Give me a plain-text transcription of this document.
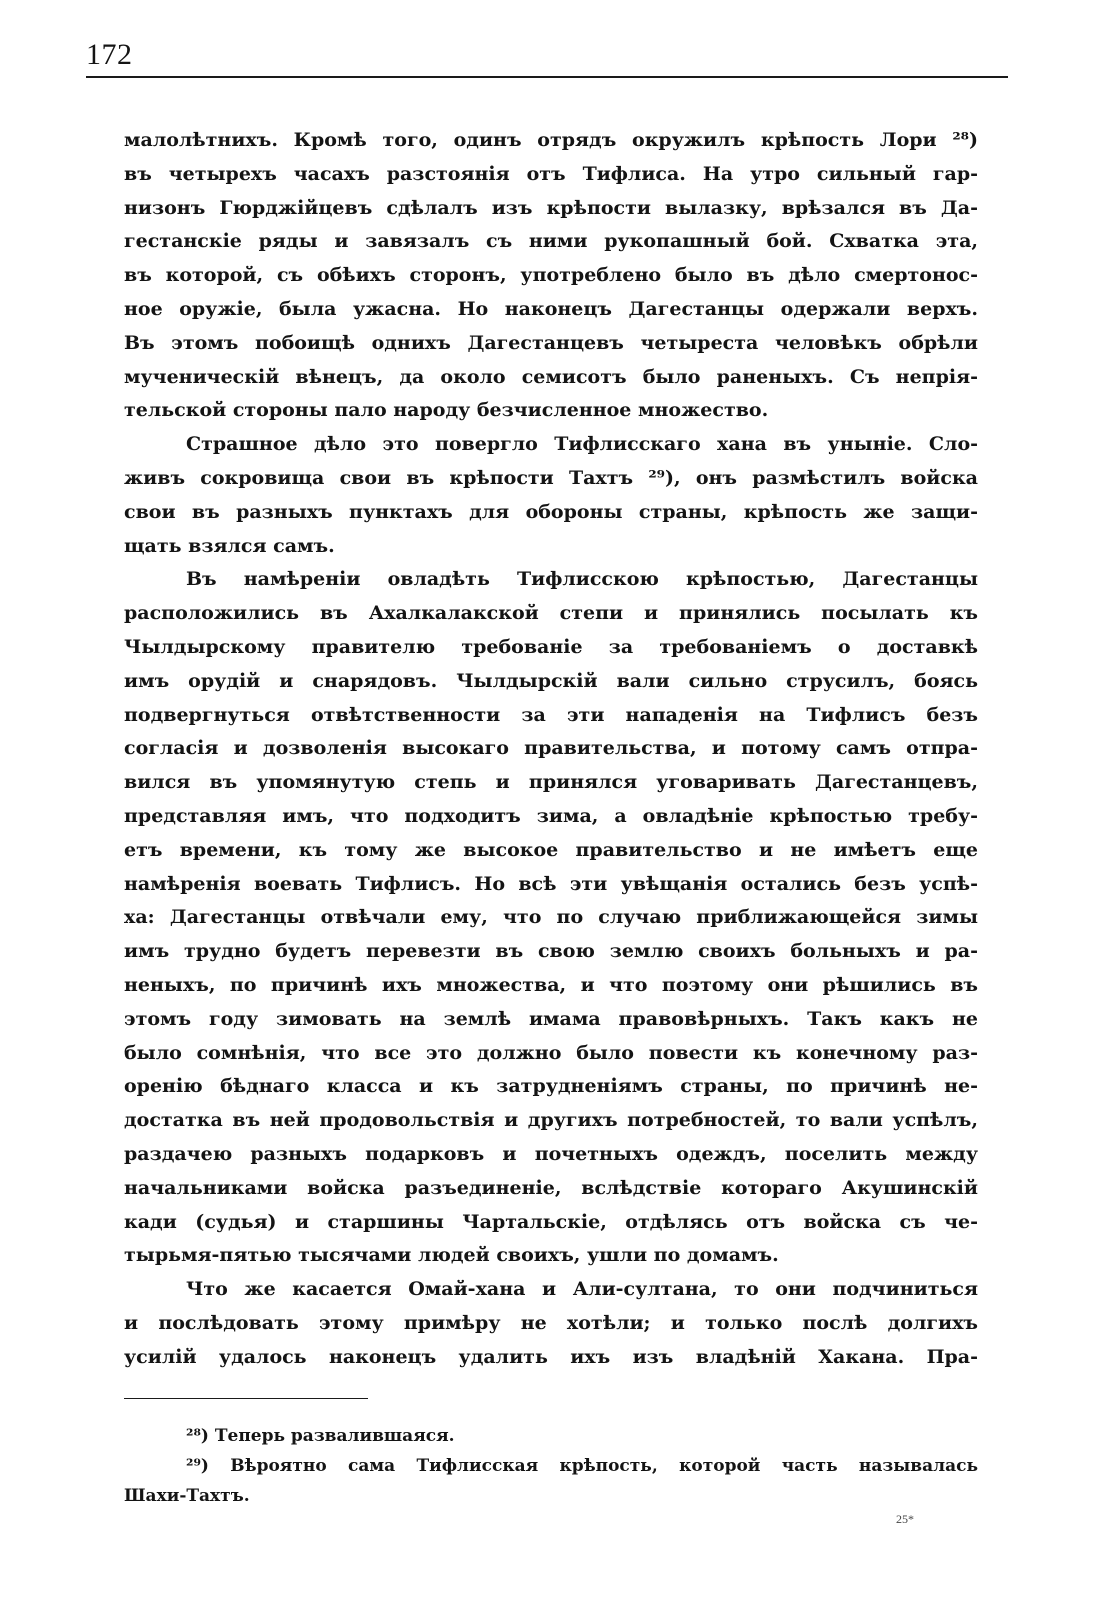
172
малолѣтнихъ. Кромѣ того, одинъ отрядъ окружилъ крѣпость Лори ²⁸)
въ четырехъ часахъ разстоянія отъ Тифлиса. На утро сильный гар-
низонъ Гюрджійцевъ сдѣлалъ изъ крѣпости вылазку, врѣзался въ Да-
гестанскіе ряды и завязалъ съ ними рукопашный бой. Схватка эта,
въ которой, съ обѣихъ сторонъ, употреблено было въ дѣло смертонос-
ное оружіе, была ужасна. Но наконецъ Дагестанцы одержали верхъ.
Въ этомъ побоищѣ однихъ Дагестанцевъ четыреста человѣкъ обрѣли
мученическій вѣнецъ, да около семисотъ было раненыхъ. Съ непрія-
тельской стороны пало народу безчисленное множество.
Страшное дѣло это повергло Тифлисскаго хана въ уныніе. Сло-
живъ сокровища свои въ крѣпости Тахтъ ²⁹), онъ размѣстилъ войска
свои въ разныхъ пунктахъ для обороны страны, крѣпость же защи-
щать взялся самъ.
Въ намѣреніи овладѣть Тифлисскою крѣпостью, Дагестанцы
расположились въ Ахалкалакской степи и принялись посылать къ
Чылдырскому правителю требованіе за требованіемъ о доставкѣ
имъ орудій и снарядовъ. Чылдырскій вали сильно струсилъ, боясь
подвергнуться отвѣтственности за эти нападенія на Тифлисъ безъ
согласія и дозволенія высокаго правительства, и потому самъ отпра-
вился въ упомянутую степь и принялся уговаривать Дагестанцевъ,
представляя имъ, что подходитъ зима, а овладѣніе крѣпостью требу-
етъ времени, къ тому же высокое правительство и не имѣетъ еще
намѣренія воевать Тифлисъ. Но всѣ эти увѣщанія остались безъ успѣ-
ха: Дагестанцы отвѣчали ему, что по случаю приближающейся зимы
имъ трудно будетъ перевезти въ свою землю своихъ больныхъ и ра-
неныхъ, по причинѣ ихъ множества, и что поэтому они рѣшились въ
этомъ году зимовать на землѣ имама правовѣрныхъ. Такъ какъ не
было сомнѣнія, что все это должно было повести къ конечному раз-
оренію бѣднаго класса и къ затрудненіямъ страны, по причинѣ не-
достатка въ ней продовольствія и другихъ потребностей, то вали успѣлъ,
раздачею разныхъ подарковъ и почетныхъ одеждъ, поселить между
начальниками войска разъединеніе, вслѣдствіе котораго Акушинскій
кади (судья) и старшины Чартальскіе, отдѣлясь отъ войска съ че-
тырьмя-пятью тысячами людей своихъ, ушли по домамъ.
Что же касается Омай-хана и Али-султана, то они подчиниться
и послѣдовать этому примѣру не хотѣли; и только послѣ долгихъ
усилій удалось наконецъ удалить ихъ изъ владѣній Хакана. Пра-
²⁸) Теперь развалившаяся.
²⁹) Вѣроятно сама Тифлисская крѣпость, которой часть называлась
Шахи-Тахтъ.
25*
